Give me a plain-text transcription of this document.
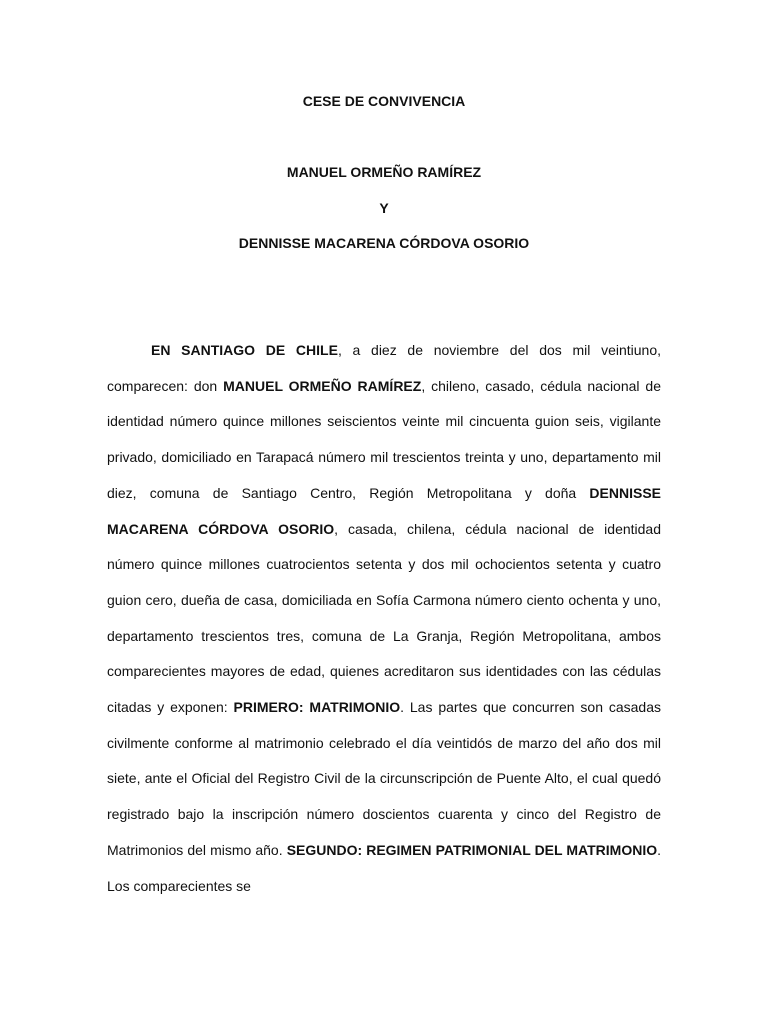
CESE DE CONVIVENCIA

MANUEL ORMEÑO RAMÍREZ

Y

DENNISSE MACARENA CÓRDOVA OSORIO

EN SANTIAGO DE CHILE, a diez de noviembre del dos mil veintiuno, comparecen: don MANUEL ORMEÑO RAMÍREZ, chileno, casado, cédula nacional de identidad número quince millones seiscientos veinte mil cincuenta guion seis, vigilante privado, domiciliado en Tarapacá número mil trescientos treinta y uno, departamento mil diez, comuna de Santiago Centro, Región Metropolitana y doña DENNISSE MACARENA CÓRDOVA OSORIO, casada, chilena, cédula nacional de identidad número quince millones cuatrocientos setenta y dos mil ochocientos setenta y cuatro guion cero, dueña de casa, domiciliada en Sofía Carmona número ciento ochenta y uno, departamento trescientos tres, comuna de La Granja, Región Metropolitana, ambos comparecientes mayores de edad, quienes acreditaron sus identidades con las cédulas citadas y exponen: PRIMERO: MATRIMONIO. Las partes que concurren son casadas civilmente conforme al matrimonio celebrado el día veintidós de marzo del año dos mil siete, ante el Oficial del Registro Civil de la circunscripción de Puente Alto, el cual quedó registrado bajo la inscripción número doscientos cuarenta y cinco del Registro de Matrimonios del mismo año. SEGUNDO: REGIMEN PATRIMONIAL DEL MATRIMONIO. Los comparecientes se
